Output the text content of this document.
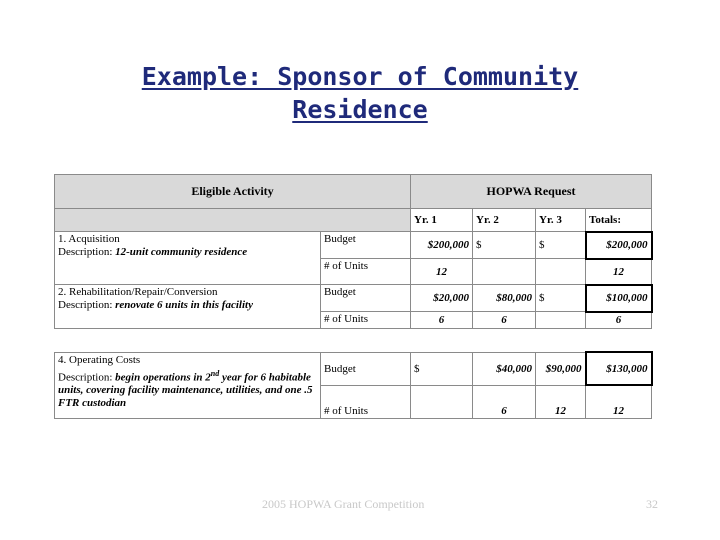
Example: Sponsor of Community
Residence
Eligible Activity		HOPWA Request			
		Yr. 1	Yr. 2	Yr. 3	Totals:
1. Acquisition
Description: 12-unit community residence	Budget	$200,000	$	$	$200,000
	# of Units	12			12
2. Rehabilitation/Repair/Conversion
Description: renovate 6 units in this facility	Budget	$20,000	$80,000	$	$100,000
	# of Units	6	6		6
4. Operating Costs
Description: begin operations in 2nd year for 6 habitable units, covering facility maintenance, utilities, and one .5 FTR custodian	Budget	$	$40,000	$90,000	$130,000
	# of Units		6	12	12
2005 HOPWA Grant Competition	32
